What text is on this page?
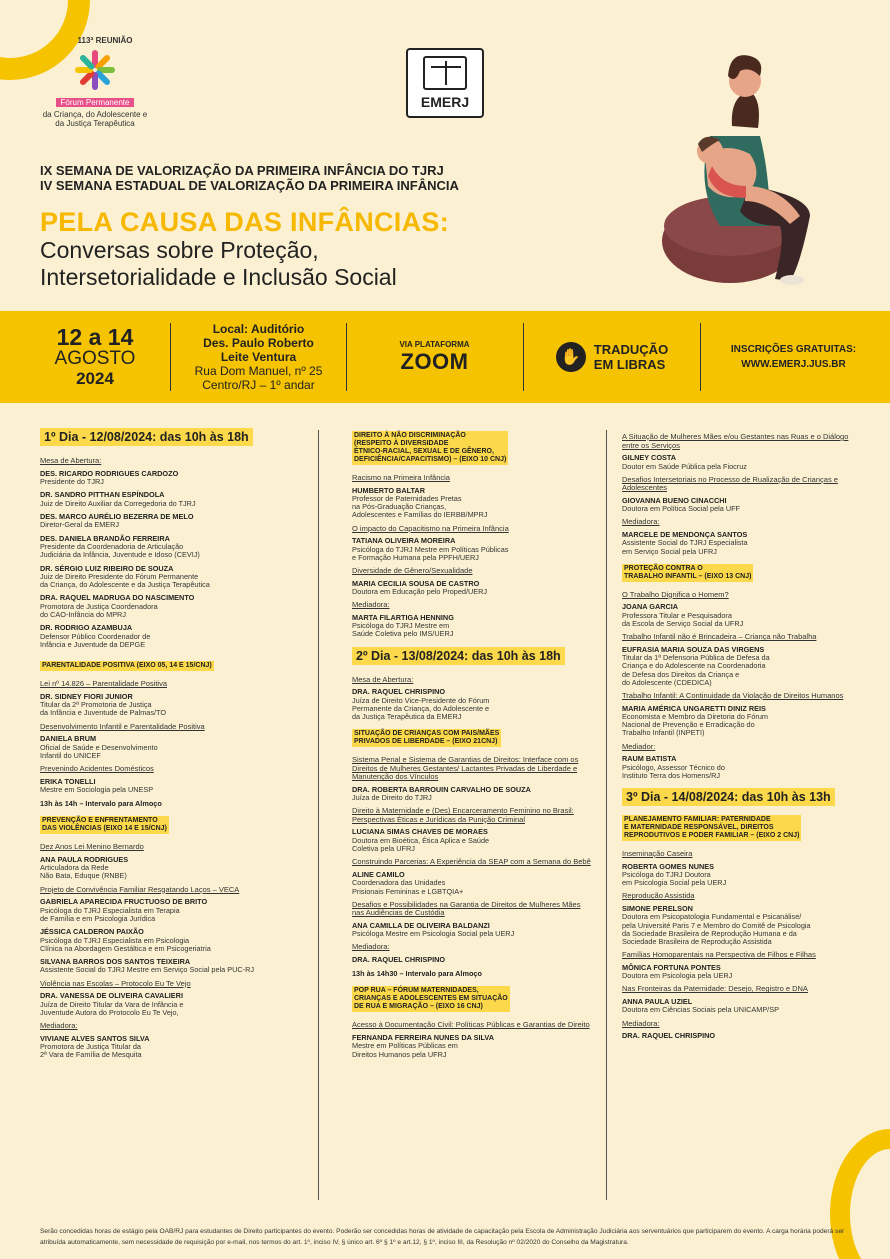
113ª REUNIÃO
Fórum Permanente
da Criança, do Adolescente e da Justiça Terapêutica
EMERJ
IX SEMANA DE VALORIZAÇÃO DA PRIMEIRA INFÂNCIA DO TJRJ
IV SEMANA ESTADUAL DE VALORIZAÇÃO DA PRIMEIRA INFÂNCIA
PELA CAUSA DAS INFÂNCIAS:
Conversas sobre Proteção,
Intersetorialidade e Inclusão Social
12 a 14
AGOSTO
2024
Local: Auditório
Des. Paulo Roberto
Leite Ventura
Rua Dom Manuel, nº 25
Centro/RJ – 1º andar
VIA PLATAFORMA
ZOOM	✋	TRADUÇÃO
EM LIBRAS
INSCRIÇÕES GRATUITAS:
WWW.EMERJ.JUS.BR
1º Dia - 12/08/2024: das 10h às 18h
Mesa de Abertura:
DES. RICARDO RODRIGUES CARDOZO
Presidente do TJRJ
DR. SANDRO PITTHAN ESPÍNDOLA
Juiz de Direito Auxiliar da Corregedoria do TJRJ
DES. MARCO AURÉLIO BEZERRA DE MELO
Diretor-Geral da EMERJ
DES. DANIELA BRANDÃO FERREIRA
Presidente da Coordenadoria de Articulação
Judiciária da Infância, Juventude e Idoso (CEVIJ)
DR. SÉRGIO LUIZ RIBEIRO DE SOUZA
Juiz de Direito Presidente do Fórum Permanente
da Criança, do Adolescente e da Justiça Terapêutica
DRA. RAQUEL MADRUGA DO NASCIMENTO
Promotora de Justiça Coordenadora
do CAO-Infância do MPRJ
DR. RODRIGO AZAMBUJA
Defensor Público Coordenador de
Infância e Juventude da DEPGE
PARENTALIDADE POSITIVA (EIXO 05, 14 E 15/CNJ)
Lei nº 14.826 – Parentalidade Positiva
DR. SIDNEY FIORI JUNIOR
Titular da 2ª Promotoria de Justiça
da Infância e Juventude de Palmas/TO
Desenvolvimento Infantil e Parentalidade Positiva
DANIELA BRUM
Oficial de Saúde e Desenvolvimento
Infantil do UNICEF
Prevenindo Acidentes Domésticos
ERIKA TONELLI
Mestre em Sociologia pela UNESP
13h às 14h – Intervalo para Almoço
PREVENÇÃO E ENFRENTAMENTO
DAS VIOLÊNCIAS (EIXO 14 E 15/CNJ)
Dez Anos Lei Menino Bernardo
ANA PAULA RODRIGUES
Articuladora da Rede
Não Bata, Eduque (RNBE)
Projeto de Convivência Familiar Resgatando Laços – VECA
GABRIELA APARECIDA FRUCTUOSO DE BRITO
Psicóloga do TJRJ Especialista em Terapia
de Família e em Psicologia Jurídica
JÉSSICA CALDERON PAIXÃO
Psicóloga do TJRJ Especialista em Psicologia
Clínica na Abordagem Gestáltica e em Psicogeriatria
SILVANA BARROS DOS SANTOS TEIXEIRA
Assistente Social do TJRJ Mestre em Serviço Social pela PUC-RJ
Violência nas Escolas – Protocolo Eu Te Vejo
DRA. VANESSA DE OLIVEIRA CAVALIERI
Juíza de Direito Titular da Vara de Infância e
Juventude Autora do Protocolo Eu Te Vejo,
Mediadora:
VIVIANE ALVES SANTOS SILVA
Promotora de Justiça Titular da
2ª Vara de Família de Mesquita
DIREITO À NÃO DISCRIMINAÇÃO
(RESPEITO À DIVERSIDADE
ÉTNICO-RACIAL, SEXUAL E DE GÊNERO,
DEFICIÊNCIA/CAPACITISMO) – (EIXO 10 CNJ)
Racismo na Primeira Infância
HUMBERTO BALTAR
Professor de Paternidades Pretas
na Pós-Graduação Crianças,
Adolescentes e Famílias do IERBB/MPRJ
O impacto do Capacitismo na Primeira Infância
TATIANA OLIVEIRA MOREIRA
Psicóloga do TJRJ Mestre em Políticas Públicas
e Formação Humana pela PPFH/UERJ
Diversidade de Gênero/Sexualidade
MARIA CECILIA SOUSA DE CASTRO
Doutora em Educação pelo Proped/UERJ
Mediadora:
MARTA FILARTIGA HENNING
Psicóloga do TJRJ Mestre em
Saúde Coletiva pelo IMS/UERJ
2º Dia - 13/08/2024: das 10h às 18h
Mesa de Abertura:
DRA. RAQUEL CHRISPINO
Juíza de Direito Vice-Presidente do Fórum
Permanente da Criança, do Adolescente e
da Justiça Terapêutica da EMERJ
SITUAÇÃO DE CRIANÇAS COM PAIS/MÃES
PRIVADOS DE LIBERDADE – (EIXO 21CNJ)
Sistema Penal e Sistema de Garantias de Direitos: Interface com os Direitos de Mulheres Gestantes/ Lactantes Privadas de Liberdade e Manutenção dos Vínculos
DRA. ROBERTA BARROUIN CARVALHO DE SOUZA
Juíza de Direito do TJRJ
Direito à Maternidade e (Des) Encarceramento Feminino no Brasil: Perspectivas Éticas e Jurídicas da Punição Criminal
LUCIANA SIMAS CHAVES DE MORAES
Doutora em Bioética, Ética Aplica e Saúde
Coletiva pela UFRJ
Construindo Parcerias: A Experiência da SEAP com a Semana do Bebê
ALINE CAMILO
Coordenadora das Unidades
Prisionais Femininas e LGBTQIA+
Desafios e Possibilidades na Garantia de Direitos de Mulheres Mães nas Audiências de Custódia
ANA CAMILLA DE OLIVEIRA BALDANZI
Psicóloga Mestre em Psicologia Social pela UERJ
Mediadora:
DRA. RAQUEL CHRISPINO
13h às 14h30 – Intervalo para Almoço
POP RUA – FÓRUM MATERNIDADES,
CRIANÇAS E ADOLESCENTES EM SITUAÇÃO
DE RUA E MIGRAÇÃO – (EIXO 16 CNJ)
Acesso à Documentação Civil: Políticas Públicas e Garantias de Direito
FERNANDA FERREIRA NUNES DA SILVA
Mestre em Políticas Públicas em
Direitos Humanos pela UFRJ
A Situação de Mulheres Mães e/ou Gestantes nas Ruas e o Diálogo entre os Serviços
GILNEY COSTA
Doutor em Saúde Pública pela Fiocruz
Desafios Intersetoriais no Processo de Rualização de Crianças e Adolescentes
GIOVANNA BUENO CINACCHI
Doutora em Política Social pela UFF
Mediadora:
MARCELE DE MENDONÇA SANTOS
Assistente Social do TJRJ Especialista
em Serviço Social pela UFRJ
PROTEÇÃO CONTRA O
TRABALHO INFANTIL – (EIXO 13 CNJ)
O Trabalho Dignifica o Homem?
JOANA GARCIA
Professora Titular e Pesquisadora
da Escola de Serviço Social da UFRJ
Trabalho Infantil não é Brincadeira – Criança não Trabalha
EUFRASIA MARIA SOUZA DAS VIRGENS
Titular da 1ª Defensoria Pública de Defesa da
Criança e do Adolescente na Coordenadoria
de Defesa dos Direitos da Criança e
do Adolescente (CDEDICA)
Trabalho Infantil: A Continuidade da Violação de Direitos Humanos
MARIA AMÉRICA UNGARETTI DINIZ REIS
Economista e Membro da Diretoria do Fórum
Nacional de Prevenção e Erradicação do
Trabalho Infantil (INPETI)
Mediador:
RAUM BATISTA
Psicólogo, Assessor Técnico do
Instituto Terra dos Homens/RJ
3º Dia - 14/08/2024: das 10h às 13h
PLANEJAMENTO FAMILIAR: PATERNIDADE
E MATERNIDADE RESPONSÁVEL, DIREITOS
REPRODUTIVOS E PODER FAMILIAR – (EIXO 2 CNJ)
Inseminação Caseira
ROBERTA GOMES NUNES
Psicóloga do TJRJ Doutora
em Psicologia Social pela UERJ
Reprodução Assistida
SIMONE PERELSON
Doutora em Psicopatologia Fundamental e Psicanálise/
pela Université Paris 7 e Membro do Comitê de Psicologia
da Sociedade Brasileira de Reprodução Humana e da
Sociedade Brasileira de Reprodução Assistida
Famílias Homoparentais na Perspectiva de Filhos e Filhas
MÔNICA FORTUNA PONTES
Doutora em Psicologia pela UERJ
Nas Fronteiras da Paternidade: Desejo, Registro e DNA
ANNA PAULA UZIEL
Doutora em Ciências Sociais pela UNICAMP/SP
Mediadora:
DRA. RAQUEL CHRISPINO
Serão concedidas horas de estágio pela OAB/RJ para estudantes de Direito participantes do evento. Poderão ser concedidas horas de atividade de capacitação pela Escola de Administração Judiciária aos serventuários que participarem do evento. A carga horária poderá ser atribuída automaticamente, sem necessidade de requisição por e-mail, nos termos do art. 1º, inciso IV, § único art. 6º § 1º e art.12, § 1º, inciso III, da Resolução nº 02/2020 do Conselho da Magistratura.
